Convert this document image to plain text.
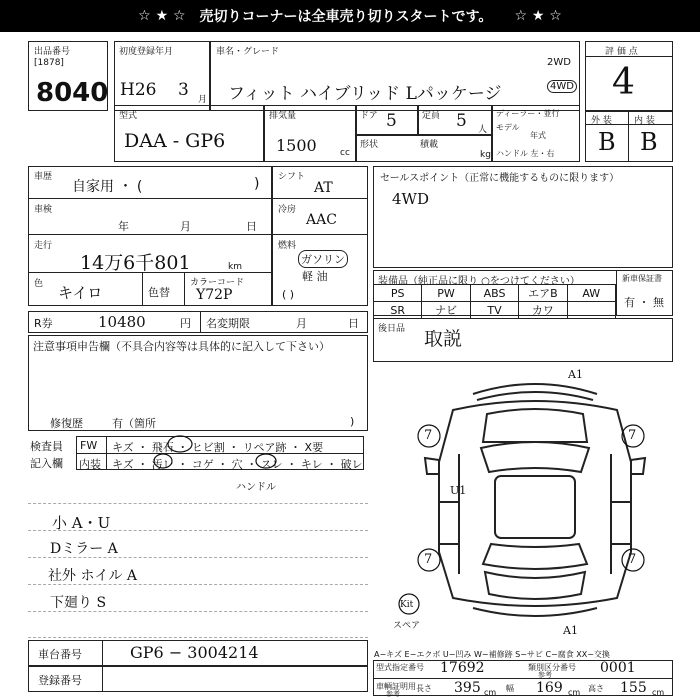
☆ ★ ☆ 売切りコーナーは全車売り切りスタートです。 ☆ ★ ☆
出品番号
[1878]
8040
初度登録年月
H26 3 月
車名・グレード
フィット ハイブリッド Lパッケージ
2WD
4WD
評 価 点
4
型式
DAA - GP6
排気量
1500	cc
ドア 5	定員 5 人
形状	積載
kg
ディーラー・並行
モデル
年式
ハンドル 左・右
外 装 内 装
B B
車歴
自家用 ・ (	)
車検
年	月	日
走行
14万6千801	km
色 キイロ	色替
カラーコード
Y72P
シフト
AT
冷房
AAC
燃料
ガソリン
軽 油
( )
セールスポイント（正常に機能するものに限ります）
4WD
装備品（純正品に限り ○をつけてください）
PS	PW	ABS	エアB	AW
SR	ナビ	TV	カワ	
新車保証書
有 ・ 無
R券	10480	円 名変期限	月	日 後日品 取説
注意事項申告欄（不具合内容等は具体的に記入して下さい）
修復歴	有（箇所	)
検査員
記入欄
FW キズ ・ 飛石 ・ ヒビ割 ・ リペア跡 ・ X要
内装 キズ ・ 汚レ ・ コゲ ・ 穴 ・ スレ ・ キレ ・ 破レ
ハンドル
小 A・U
Dミラー A
社外 ホイル A
下廻り S
7	7
7	7
U1
A1
A1
Kit
スペア
A−キズ E−エクボ U−凹み W−補修跡 S−サビ C−腐食 XX−交換
車台番号	GP6 − 3004214
登録番号
型式指定番号 17692	類別区分番号
参考	0001
車輌証明用
参考
長さ 395 cm 幅 169 cm 高さ 155 cm
